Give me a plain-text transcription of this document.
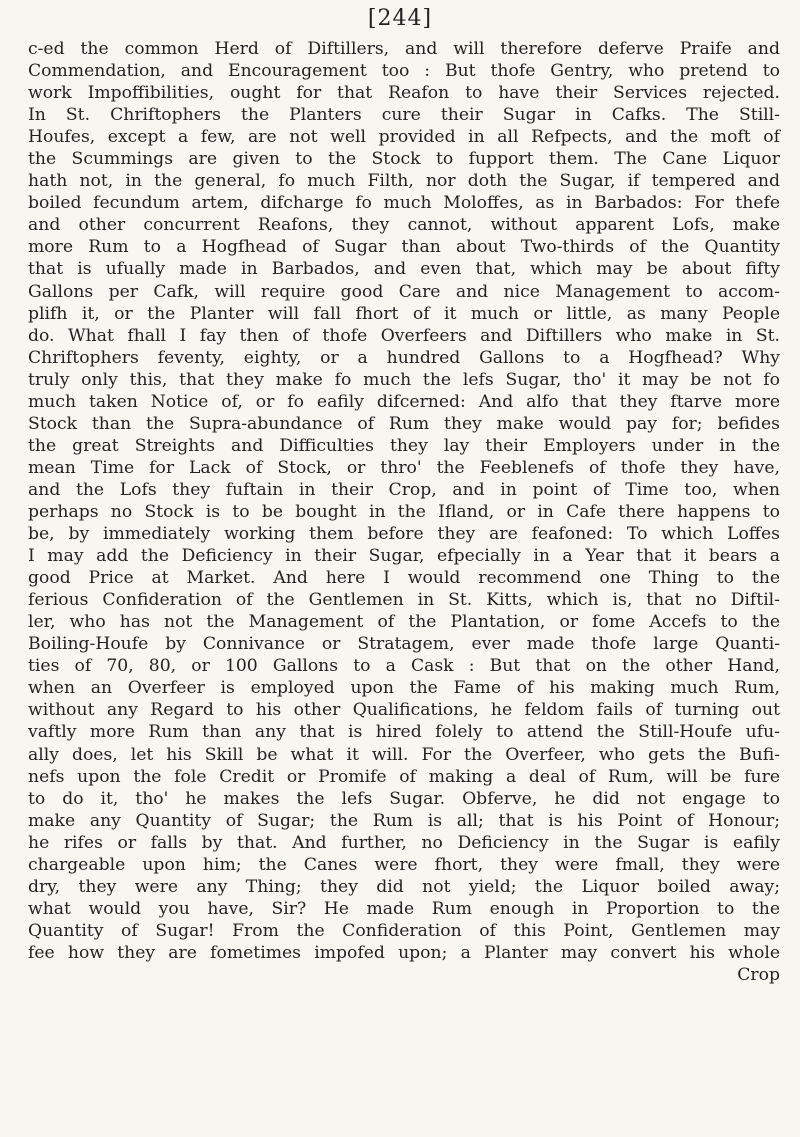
[244]
c-ed the common Herd of Diftillers, and will therefore deferve Praife and
Commendation, and Encouragement too : But thofe Gentry, who pretend to
work Impoffibilities, ought for that Reafon to have their Services rejected.
In St. Chriftophers the Planters cure their Sugar in Cafks. The Still-
Houfes, except a few, are not well provided in all Refpects, and the moft of
the Scummings are given to the Stock to fupport them. The Cane Liquor
hath not, in the general, fo much Filth, nor doth the Sugar, if tempered and
boiled fecundum artem, difcharge fo much Moloffes, as in Barbados: For thefe
and other concurrent Reafons, they cannot, without apparent Lofs, make
more Rum to a Hogfhead of Sugar than about Two-thirds of the Quantity
that is ufually made in Barbados, and even that, which may be about fifty
Gallons per Cafk, will require good Care and nice Management to accom-
plifh it, or the Planter will fall fhort of it much or little, as many People
do. What fhall I fay then of thofe Overfeers and Diftillers who make in St.
Chriftophers feventy, eighty, or a hundred Gallons to a Hogfhead? Why
truly only this, that they make fo much the lefs Sugar, tho' it may be not fo
much taken Notice of, or fo eafily difcerned: And alfo that they ftarve more
Stock than the Supra-abundance of Rum they make would pay for; befides
the great Streights and Difficulties they lay their Employers under in the
mean Time for Lack of Stock, or thro' the Feeblenefs of thofe they have,
and the Lofs they fuftain in their Crop, and in point of Time too, when
perhaps no Stock is to be bought in the Ifland, or in Cafe there happens to
be, by immediately working them before they are feafoned: To which Loffes
I may add the Deficiency in their Sugar, efpecially in a Year that it bears a
good Price at Market. And here I would recommend one Thing to the
ferious Confideration of the Gentlemen in St. Kitts, which is, that no Diftil-
ler, who has not the Management of the Plantation, or fome Accefs to the
Boiling-Houfe by Connivance or Stratagem, ever made thofe large Quanti-
ties of 70, 80, or 100 Gallons to a Cask : But that on the other Hand,
when an Overfeer is employed upon the Fame of his making much Rum,
without any Regard to his other Qualifications, he feldom fails of turning out
vaftly more Rum than any that is hired folely to attend the Still-Houfe ufu-
ally does, let his Skill be what it will. For the Overfeer, who gets the Bufi-
nefs upon the fole Credit or Promife of making a deal of Rum, will be fure
to do it, tho' he makes the lefs Sugar. Obferve, he did not engage to
make any Quantity of Sugar; the Rum is all; that is his Point of Honour;
he rifes or falls by that. And further, no Deficiency in the Sugar is eafily
chargeable upon him; the Canes were fhort, they were fmall, they were
dry, they were any Thing; they did not yield; the Liquor boiled away;
what would you have, Sir? He made Rum enough in Proportion to the
Quantity of Sugar! From the Confideration of this Point, Gentlemen may
fee how they are fometimes impofed upon; a Planter may convert his whole
Crop
